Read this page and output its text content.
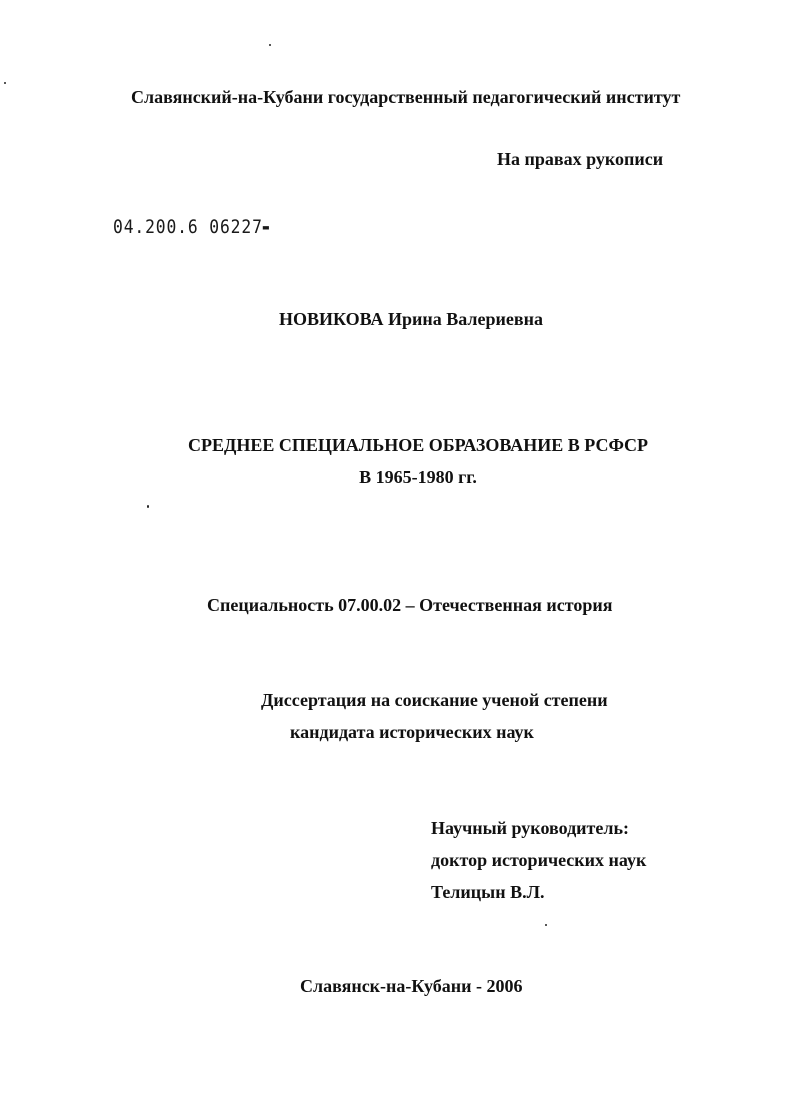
Славянский-на-Кубани государственный педагогический институт
На правах рукописи
04.200.6 06227▬
НОВИКОВА Ирина Валериевна
СРЕДНЕЕ СПЕЦИАЛЬНОЕ ОБРАЗОВАНИЕ В РСФСР
В 1965-1980 гг.
Специальность 07.00.02 – Отечественная история
Диссертация на соискание ученой степени
кандидата исторических наук
Научный руководитель:
доктор исторических наук
Телицын В.Л.
Славянск-на-Кубани - 2006
